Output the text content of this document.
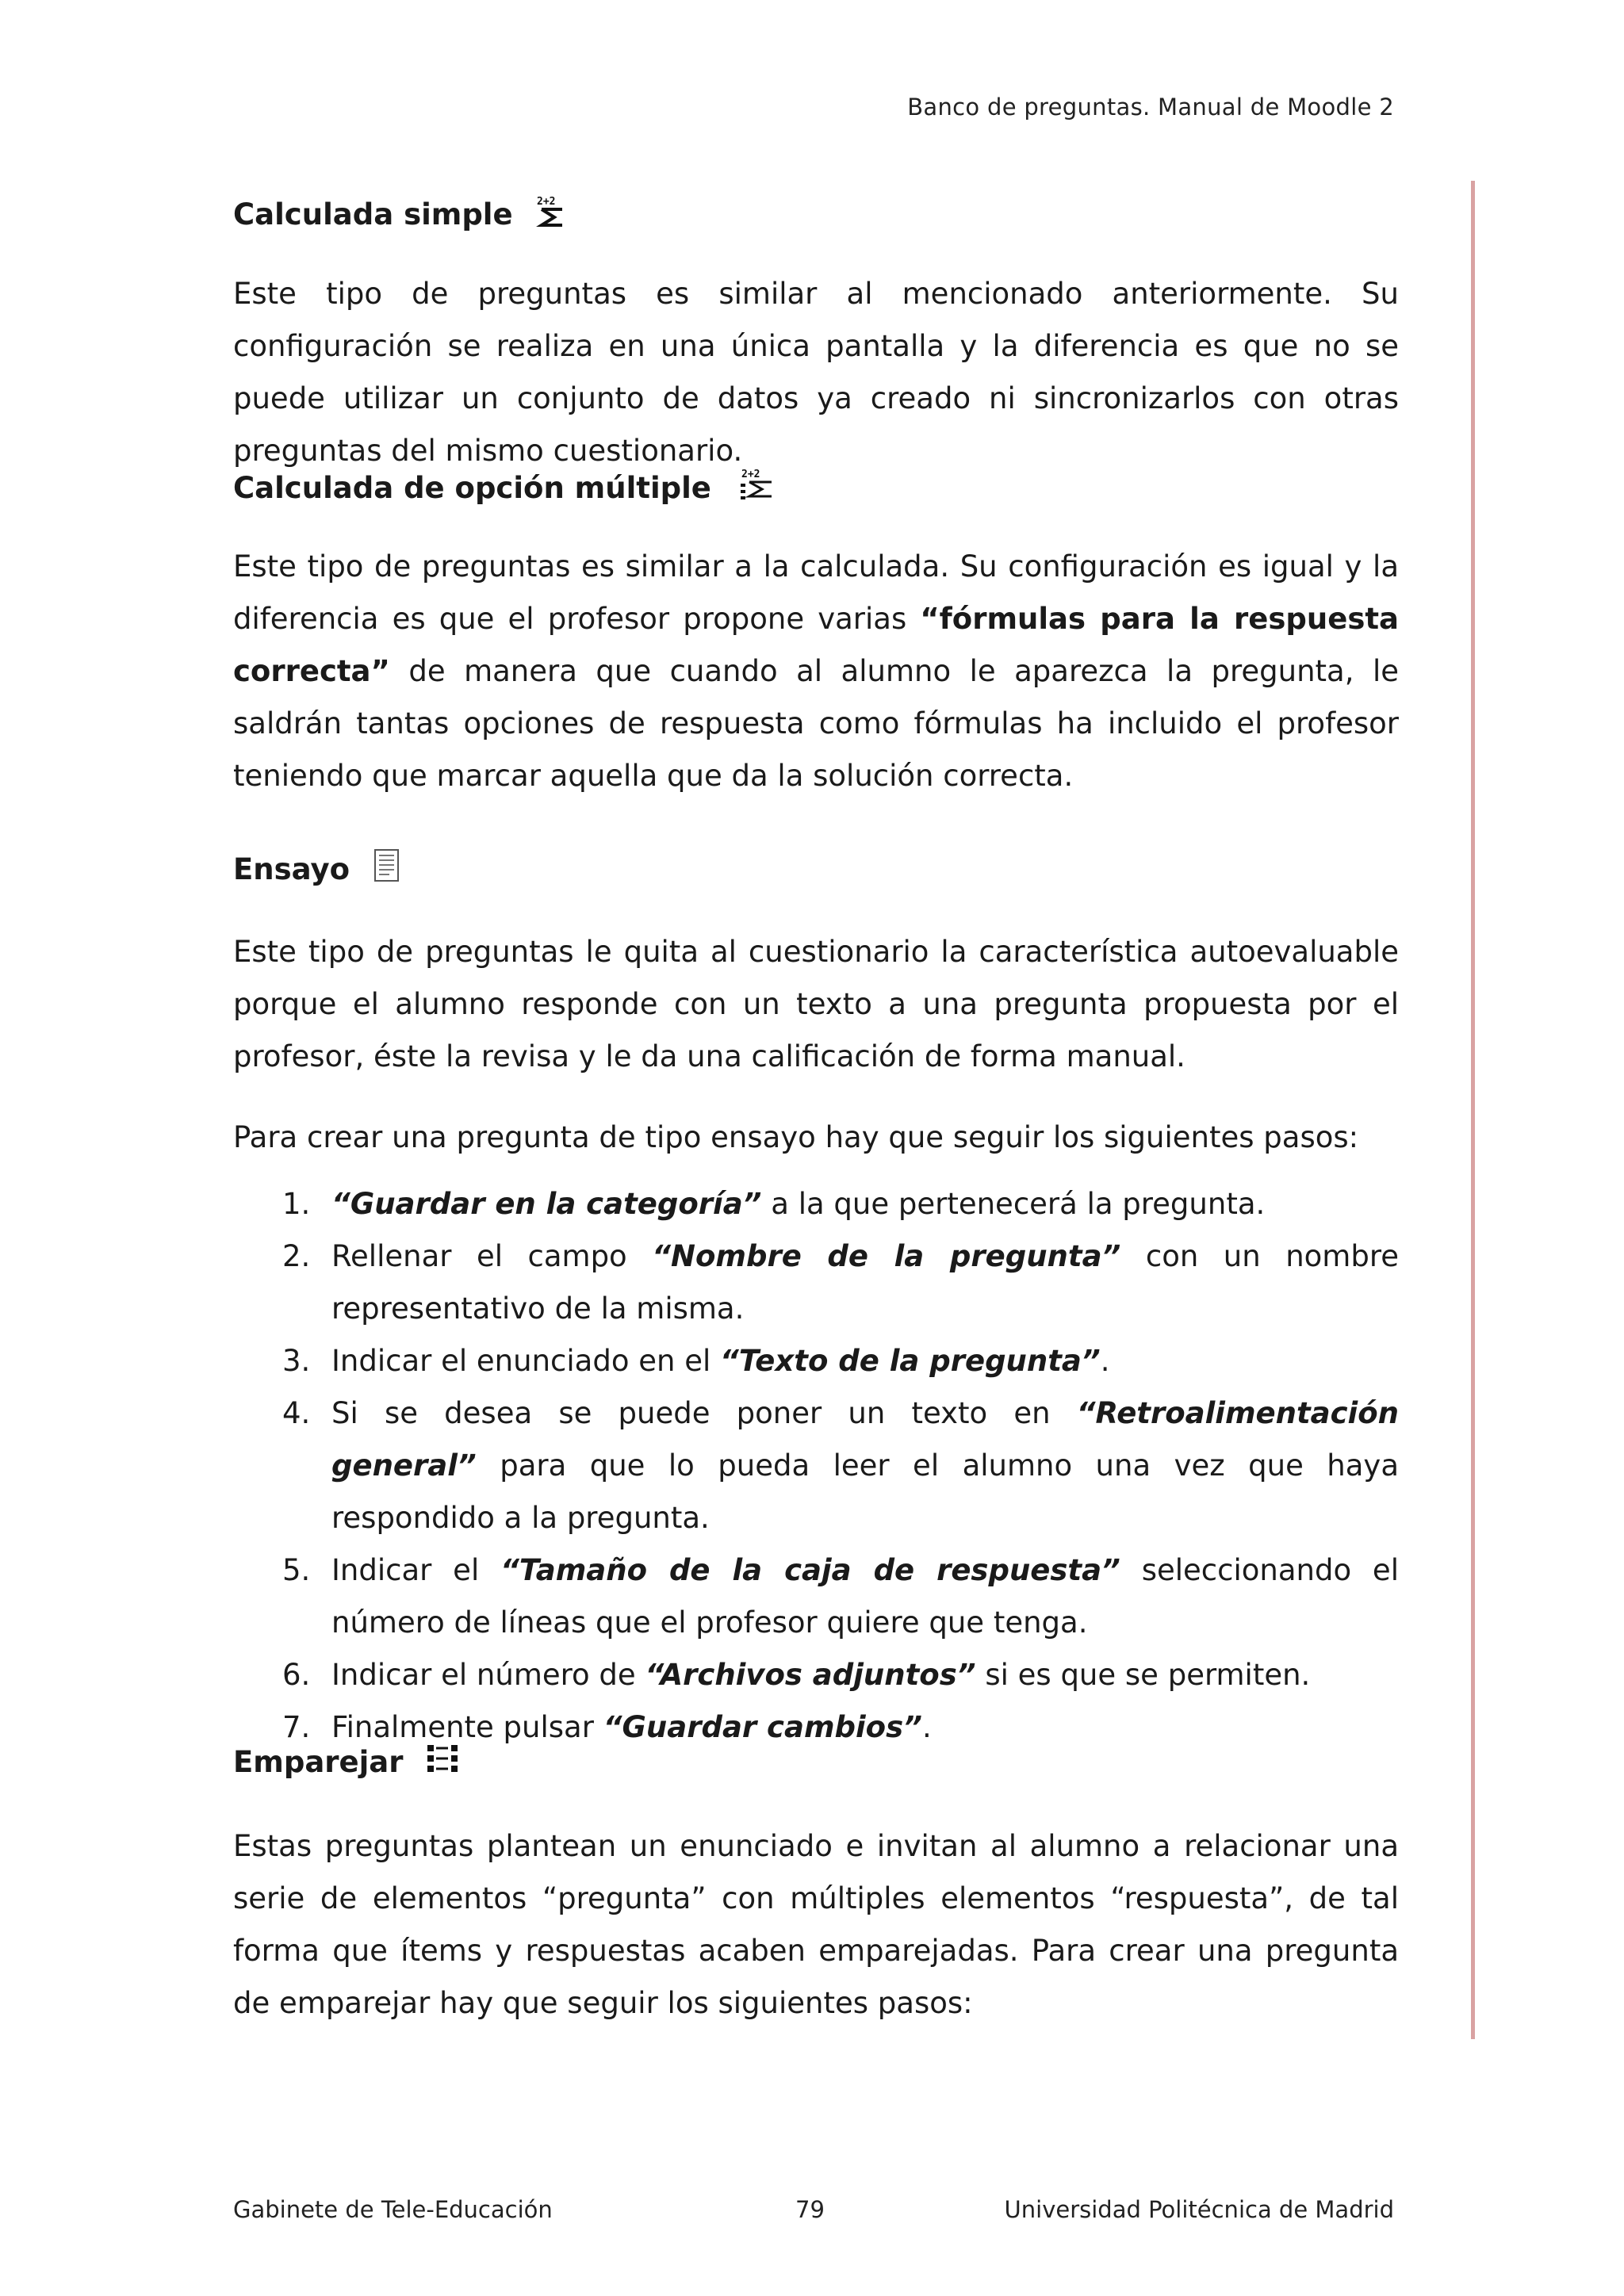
Banco de preguntas. Manual de Moodle 2
Calculada simple 2+2

Este tipo de preguntas es similar al mencionado anteriormente. Su configuración se realiza en una única pantalla y la diferencia es que no se puede utilizar un conjunto de datos ya creado ni sincronizarlos con otras preguntas del mismo cuestionario.

Calculada de opción múltiple	2+2

Este tipo de preguntas es similar a la calculada. Su configuración es igual y la diferencia es que el profesor propone varias “fórmulas para la respuesta correcta” de manera que cuando al alumno le aparezca la pregunta, le saldrán tantas opciones de respuesta como fórmulas ha incluido el profesor teniendo que marcar aquella que da la solución correcta.

Ensayo

Este tipo de preguntas le quita al cuestionario la característica autoevaluable porque el alumno responde con un texto a una pregunta propuesta por el profesor, éste la revisa y le da una calificación de forma manual.

Para crear una pregunta de tipo ensayo hay que seguir los siguientes pasos:

1. “Guardar en la categoría” a la que pertenecerá la pregunta.
2. Rellenar el campo “Nombre de la pregunta” con un nombre representativo de la misma.
3. Indicar el enunciado en el “Texto de la pregunta”.
4. Si se desea se puede poner un texto en “Retroalimentación general” para que lo pueda leer el alumno una vez que haya respondido a la pregunta.
5. Indicar el “Tamaño de la caja de respuesta” seleccionando el número de líneas que el profesor quiere que tenga.
6. Indicar el número de “Archivos adjuntos” si es que se permiten.
7. Finalmente pulsar “Guardar cambios”.
Emparejar

Estas preguntas plantean un enunciado e invitan al alumno a relacionar una serie de elementos “pregunta” con múltiples elementos “respuesta”, de tal forma que ítems y respuestas acaben emparejadas. Para crear una pregunta de emparejar hay que seguir los siguientes pasos:

Gabinete de Tele-Educación	79	Universidad Politécnica de Madrid
